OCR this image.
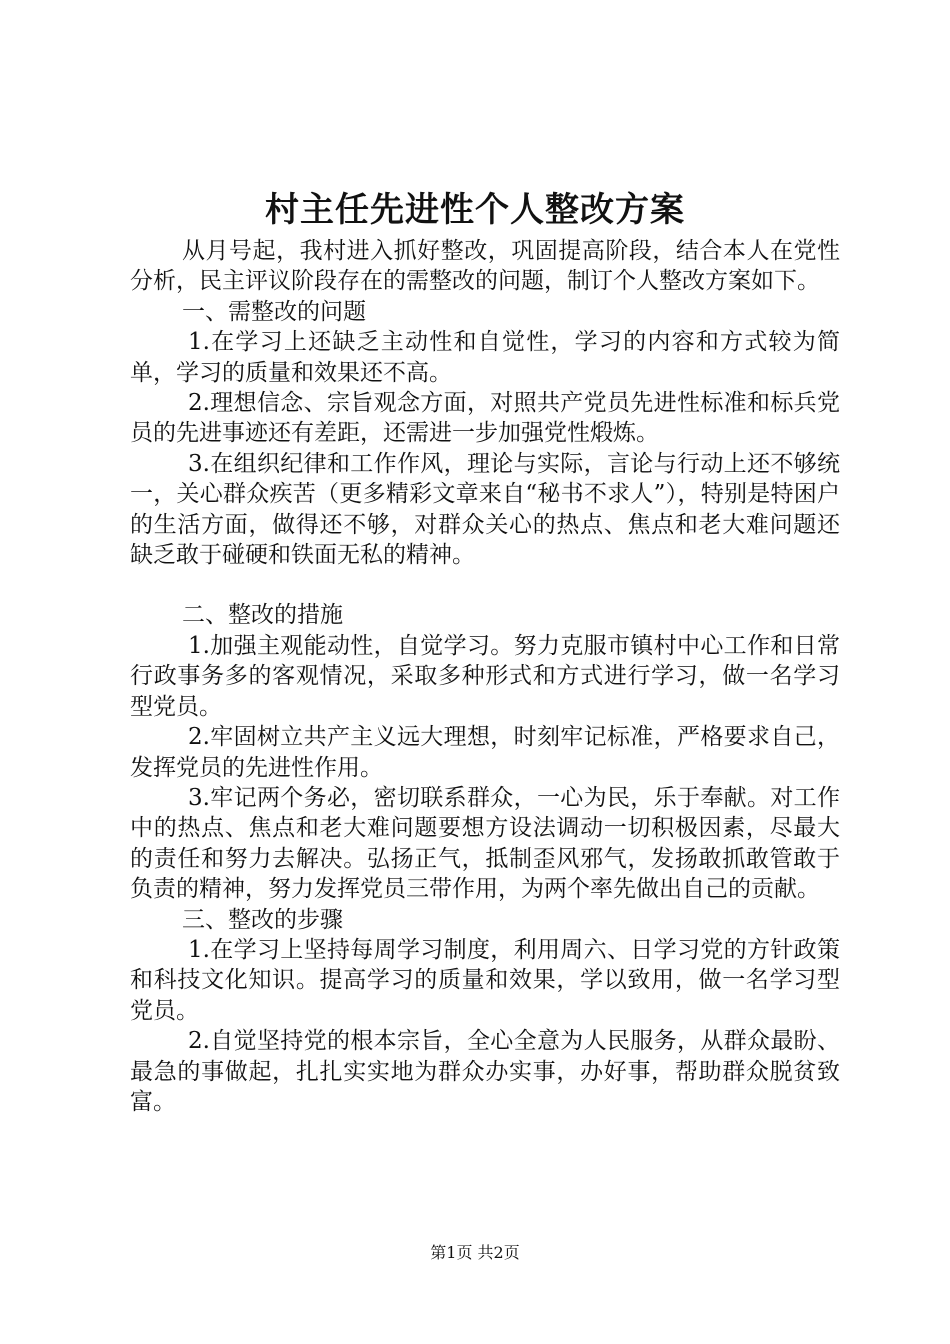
村主任先进性个人整改方案

从月号起，我村进入抓好整改，巩固提高阶段，结合本人在党性分析，民主评议阶段存在的需整改的问题，制订个人整改方案如下。

一、需整改的问题

1.在学习上还缺乏主动性和自觉性，学习的内容和方式较为简单，学习的质量和效果还不高。

2.理想信念、宗旨观念方面，对照共产党员先进性标准和标兵党员的先进事迹还有差距，还需进一步加强党性煅炼。

3.在组织纪律和工作作风，理论与实际，言论与行动上还不够统一，关心群众疾苦（更多精彩文章来自“秘书不求人”），特别是特困户的生活方面，做得还不够，对群众关心的热点、焦点和老大难问题还缺乏敢于碰硬和铁面无私的精神。

二、整改的措施

1.加强主观能动性，自觉学习。努力克服市镇村中心工作和日常行政事务多的客观情况，采取多种形式和方式进行学习，做一名学习型党员。

2.牢固树立共产主义远大理想，时刻牢记标准，严格要求自己，发挥党员的先进性作用。

3.牢记两个务必，密切联系群众，一心为民，乐于奉献。对工作中的热点、焦点和老大难问题要想方设法调动一切积极因素，尽最大的责任和努力去解决。弘扬正气，抵制歪风邪气，发扬敢抓敢管敢于负责的精神，努力发挥党员三带作用，为两个率先做出自己的贡献。

三、整改的步骤

1.在学习上坚持每周学习制度，利用周六、日学习党的方针政策和科技文化知识。提高学习的质量和效果，学以致用，做一名学习型党员。

2.自觉坚持党的根本宗旨，全心全意为人民服务，从群众最盼、最急的事做起，扎扎实实地为群众办实事，办好事，帮助群众脱贫致富。

第1页 共2页
